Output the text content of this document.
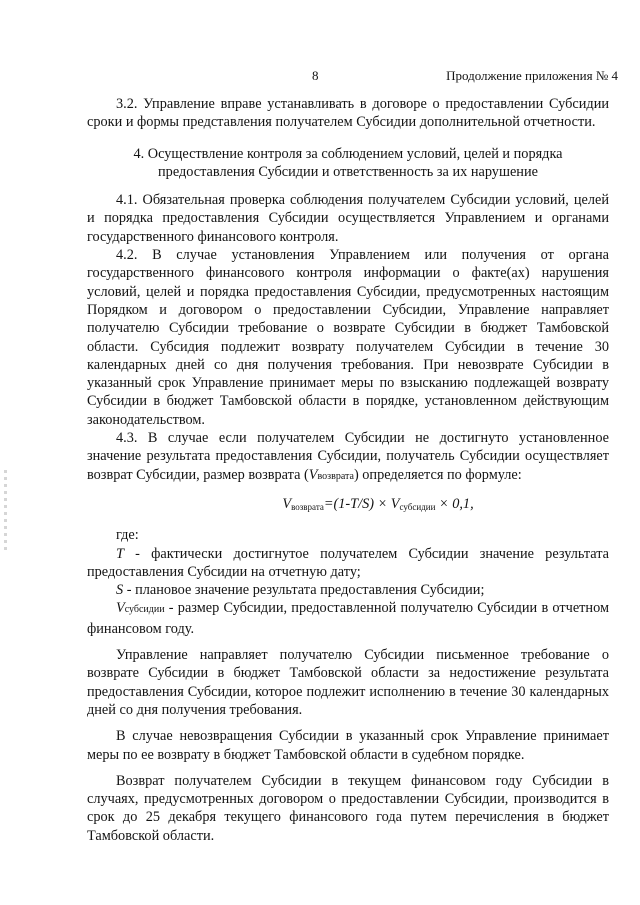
8	Продолжение приложения № 4

3.2. Управление вправе устанавливать в договоре о предоставлении Субсидии сроки и формы представления получателем Субсидии дополнительной отчетности.

4. Осуществление контроля за соблюдением условий, целей и порядка предоставления Субсидии и ответственность за их нарушение

4.1. Обязательная проверка соблюдения получателем Субсидии условий, целей и порядка предоставления Субсидии осуществляется Управлением и органами государственного финансового контроля.

4.2. В случае установления Управлением или получения от органа государственного финансового контроля информации о факте(ах) нарушения условий, целей и порядка предоставления Субсидии, предусмотренных настоящим Порядком и договором о предоставлении Субсидии, Управление направляет получателю Субсидии требование о возврате Субсидии в бюджет Тамбовской области. Субсидия подлежит возврату получателем Субсидии в течение 30 календарных дней со дня получения требования. При невозврате Субсидии в указанный срок Управление принимает меры по взысканию подлежащей возврату Субсидии в бюджет Тамбовской области в порядке, установленном действующим законодательством.

4.3. В случае если получателем Субсидии не достигнуто установленное значение результата предоставления Субсидии, получатель Субсидии осуществляет возврат Субсидии, размер возврата (Vвозврата) определяется по формуле:

$V_{возврата}=(1-T/S) \times V_{субсидии} \times 0,1$,

где:

T - фактически достигнутое получателем Субсидии значение результата предоставления Субсидии на отчетную дату;

S - плановое значение результата предоставления Субсидии;

Vсубсидии - размер Субсидии, предоставленной получателю Субсидии в отчетном финансовом году.

Управление направляет получателю Субсидии письменное требование о возврате Субсидии в бюджет Тамбовской области за недостижение результата предоставления Субсидии, которое подлежит исполнению в течение 30 календарных дней со дня получения требования.

В случае невозвращения Субсидии в указанный срок Управление принимает меры по ее возврату в бюджет Тамбовской области в судебном порядке.

Возврат получателем Субсидии в текущем финансовом году Субсидии в случаях, предусмотренных договором о предоставлении Субсидии, производится в срок до 25 декабря текущего финансового года путем перечисления в бюджет Тамбовской области.
